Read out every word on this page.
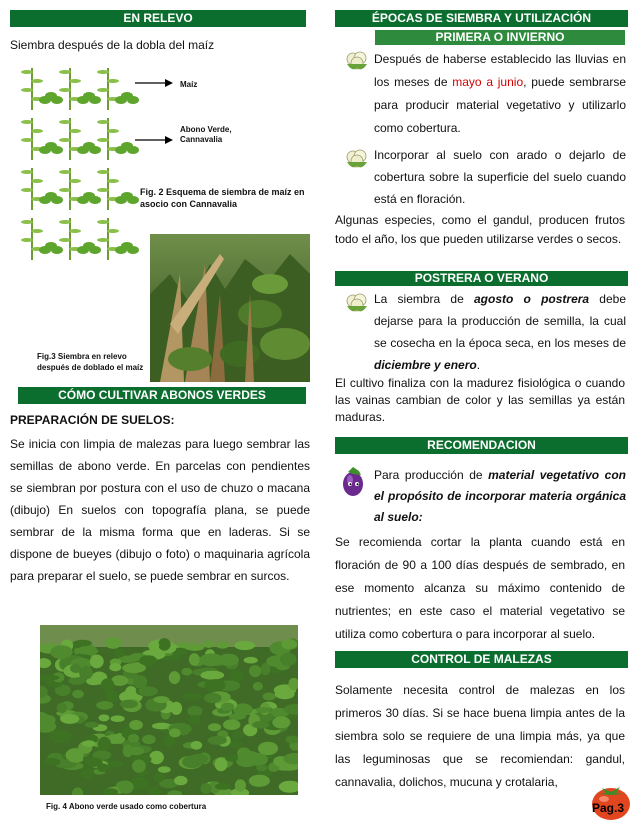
EN RELEVO
Siembra después de la dobla del maíz
Maíz
Abono Verde, Cannavalia
Fig. 2 Esquema de siembra de maíz en asocio con Cannavalia
Fig.3 Siembra en relevo después de doblado el maíz
CÓMO CULTIVAR ABONOS VERDES
PREPARACIÓN DE SUELOS:
Se inicia con limpia de malezas para luego sembrar las semillas de abono verde. En parcelas con pendientes se siembran por postura con el uso de chuzo o macana (dibujo) En suelos con topografía plana, se puede sembrar de la misma forma que en laderas. Si se dispone de bueyes (dibujo o foto) o maquinaria agrícola para preparar el suelo, se puede sembrar en surcos.
Fig. 4 Abono verde usado como cobertura
ÉPOCAS DE SIEMBRA Y UTILIZACIÓN
PRIMERA O INVIERNO
Después de haberse establecido las lluvias en los meses de mayo a junio, puede sembrarse para producir material vegetativo y utilizarlo como cobertura.
Incorporar al suelo con arado o dejarlo de cobertura sobre la superficie del suelo cuando está en floración.
Algunas especies, como el gandul, producen frutos todo el año, los que pueden utilizarse verdes o secos.
POSTRERA O VERANO
La siembra de agosto o postrera debe dejarse para la producción de semilla, la cual se cosecha en la época seca, en los meses de diciembre y enero.
El cultivo finaliza con la madurez fisiológica o cuando las vainas cambian de color y las semillas ya están maduras.
RECOMENDACION
Para producción de material vegetativo con el propósito de incorporar materia orgánica al suelo:
Se recomienda cortar la planta cuando está en floración de 90 a 100 días después de sembrado, en ese momento alcanza su máximo contenido de nutrientes; en este caso el material vegetativo se utiliza como cobertura o para incorporar al suelo.
CONTROL DE MALEZAS
Solamente necesita control de malezas en los primeros 30 días. Si se hace buena limpia antes de la siembra solo se requiere de una limpia más, ya que las leguminosas que se recomiendan: gandul, cannavalia, dolichos, mucuna y crotalaria,
Pag.3
